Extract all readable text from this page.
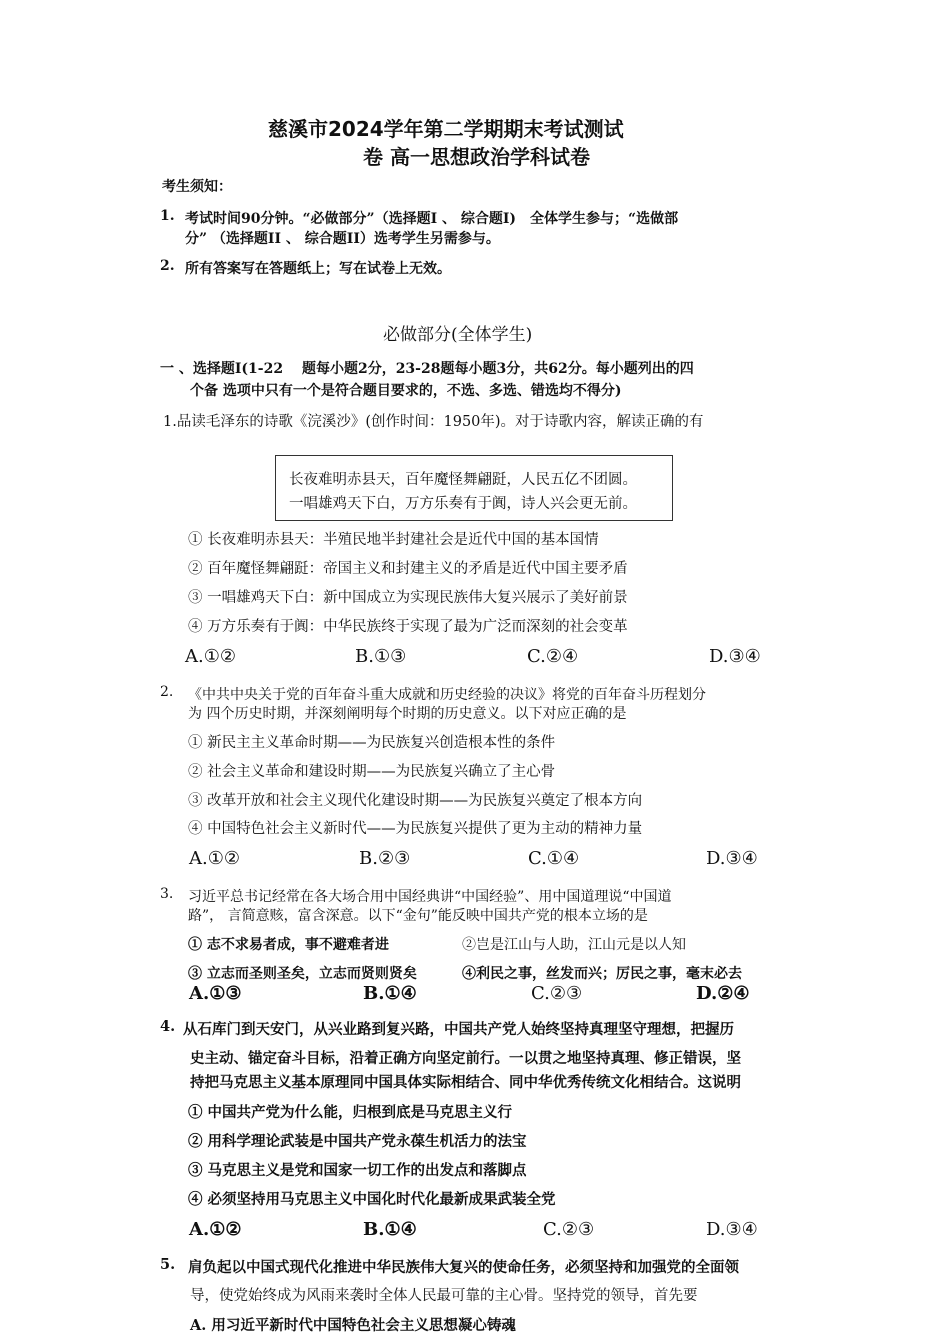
慈溪市2024学年第二学期期末考试测试
卷 高一思想政治学科试卷
考生须知：
1. 考试时间90分钟。“必做部分”（选择题I 、 综合题I)　全体学生参与；“选做部
分” （选择题II 、 综合题II）选考学生另需参与。
2. 所有答案写在答题纸上；写在试卷上无效。
必做部分(全体学生)
一 、选择题I(1-22　 题每小题2分，23-28题每小题3分，共62分。每小题列出的四
个备 选项中只有一个是符合题目要求的，不选、多选、错选均不得分)
1.品读毛泽东的诗歌《浣溪沙》(创作时间：1950年)。对于诗歌内容，解读正确的有
长夜难明赤县天，百年魔怪舞翩跹，人民五亿不团圆。
一唱雄鸡天下白，万方乐奏有于阗，诗人兴会更无前。
① 长夜难明赤县天：半殖民地半封建社会是近代中国的基本国情
② 百年魔怪舞翩跹：帝国主义和封建主义的矛盾是近代中国主要矛盾
③ 一唱雄鸡天下白：新中国成立为实现民族伟大复兴展示了美好前景
④ 万方乐奏有于阗：中华民族终于实现了最为广泛而深刻的社会变革
A.①②	B.①③	C.②④	D.③④
2. 《中共中央关于党的百年奋斗重大成就和历史经验的决议》将党的百年奋斗历程划分
为 四个历史时期，并深刻阐明每个时期的历史意义。以下对应正确的是
① 新民主主义革命时期——为民族复兴创造根本性的条件
② 社会主义革命和建设时期——为民族复兴确立了主心骨
③ 改革开放和社会主义现代化建设时期——为民族复兴奠定了根本方向
④ 中国特色社会主义新时代——为民族复兴提供了更为主动的精神力量
A.①②	B.②③	C.①④	D.③④
3. 习近平总书记经常在各大场合用中国经典讲“中国经验”、用中国道理说“中国道
路”， 言简意赅，富含深意。以下“金句”能反映中国共产党的根本立场的是
① 志不求易者成，事不避难者进	②岂是江山与人助，江山元是以人知
③ 立志而圣则圣矣，立志而贤则贤矣	④利民之事，丝发而兴；厉民之事，毫末必去
A.①③	B.①④	C.②③	D.②④
4. 从石库门到天安门，从兴业路到复兴路，中国共产党人始终坚持真理坚守理想，把握历
史主动、锚定奋斗目标，沿着正确方向坚定前行。一以贯之地坚持真理、修正错误，坚
持把马克思主义基本原理同中国具体实际相结合、同中华优秀传统文化相结合。这说明
① 中国共产党为什么能，归根到底是马克思主义行
② 用科学理论武装是中国共产党永葆生机活力的法宝
③ 马克思主义是党和国家一切工作的出发点和落脚点
④ 必须坚持用马克思主义中国化时代化最新成果武装全党
A.①②	B.①④	C.②③	D.③④
5. 肩负起以中国式现代化推进中华民族伟大复兴的使命任务，必须坚持和加强党的全面领
导，使党始终成为风雨来袭时全体人民最可靠的主心骨。坚持党的领导，首先要
A. 用习近平新时代中国特色社会主义思想凝心铸魂
